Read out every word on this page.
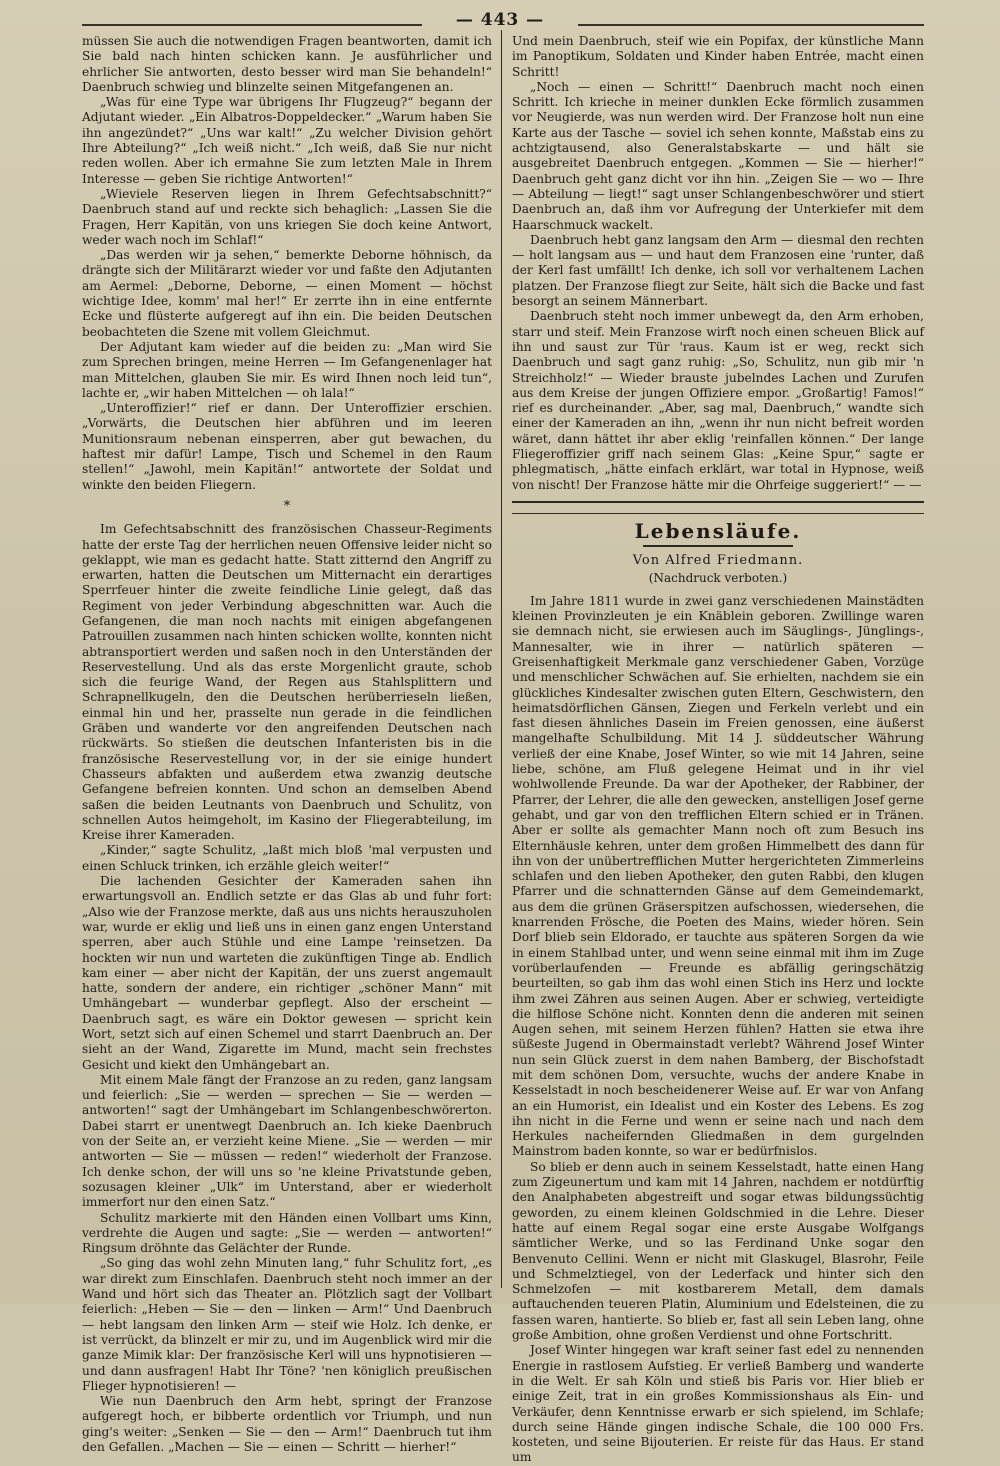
— 443 —

müssen Sie auch die notwendigen Fragen beantworten, damit ich Sie bald nach hinten schicken kann. Je ausführlicher und ehrlicher Sie antworten, desto besser wird man Sie behandeln!“ Daenbruch schwieg und blinzelte seinen Mitgefangenen an.

„Was für eine Type war übrigens Ihr Flugzeug?“ begann der Adjutant wieder. „Ein Albatros-Doppeldecker.“ „Warum haben Sie ihn angezündet?“ „Uns war kalt!“ „Zu welcher Division gehört Ihre Abteilung?“ „Ich weiß nicht.“ „Ich weiß, daß Sie nur nicht reden wollen. Aber ich ermahne Sie zum letzten Male in Ihrem Interesse — geben Sie richtige Antworten!“

„Wieviele Reserven liegen in Ihrem Gefechtsabschnitt?“ Daenbruch stand auf und reckte sich behaglich: „Lassen Sie die Fragen, Herr Kapitän, von uns kriegen Sie doch keine Antwort, weder wach noch im Schlaf!“

„Das werden wir ja sehen,“ bemerkte Deborne höhnisch, da drängte sich der Militärarzt wieder vor und faßte den Adjutanten am Aermel: „Deborne, Deborne, — einen Moment — höchst wichtige Idee, komm' mal her!“ Er zerrte ihn in eine entfernte Ecke und flüsterte aufgeregt auf ihn ein. Die beiden Deutschen beobachteten die Szene mit vollem Gleichmut.

Der Adjutant kam wieder auf die beiden zu: „Man wird Sie zum Sprechen bringen, meine Herren — Im Gefangenenlager hat man Mittelchen, glauben Sie mir. Es wird Ihnen noch leid tun“, lachte er, „wir haben Mittelchen — oh lala!“

„Unteroffizier!“ rief er dann. Der Unteroffizier erschien. „Vorwärts, die Deutschen hier abführen und im leeren Munitionsraum nebenan einsperren, aber gut bewachen, du haftest mir dafür! Lampe, Tisch und Schemel in den Raum stellen!“ „Jawohl, mein Kapitän!“ antwortete der Soldat und winkte den beiden Fliegern.

*

Im Gefechtsabschnitt des französischen Chasseur-Regiments hatte der erste Tag der herrlichen neuen Offensive leider nicht so geklappt, wie man es gedacht hatte. Statt zitternd den Angriff zu erwarten, hatten die Deutschen um Mitternacht ein derartiges Sperrfeuer hinter die zweite feindliche Linie gelegt, daß das Regiment von jeder Verbindung abgeschnitten war. Auch die Gefangenen, die man noch nachts mit einigen abgefangenen Patrouillen zusammen nach hinten schicken wollte, konnten nicht abtransportiert werden und saßen noch in den Unterständen der Reservestellung. Und als das erste Morgenlicht graute, schob sich die feurige Wand, der Regen aus Stahlsplittern und Schrapnellkugeln, den die Deutschen herüberrieseln ließen, einmal hin und her, prasselte nun gerade in die feindlichen Gräben und wanderte vor den angreifenden Deutschen nach rückwärts. So stießen die deutschen Infanteristen bis in die französische Reservestellung vor, in der sie einige hundert Chasseurs abfakten und außerdem etwa zwanzig deutsche Gefangene befreien konnten. Und schon an demselben Abend saßen die beiden Leutnants von Daenbruch und Schulitz, von schnellen Autos heimgeholt, im Kasino der Fliegerabteilung, im Kreise ihrer Kameraden.

„Kinder,“ sagte Schulitz, „laßt mich bloß 'mal verpusten und einen Schluck trinken, ich erzähle gleich weiter!“

Die lachenden Gesichter der Kameraden sahen ihn erwartungsvoll an. Endlich setzte er das Glas ab und fuhr fort: „Also wie der Franzose merkte, daß aus uns nichts herauszuholen war, wurde er eklig und ließ uns in einen ganz engen Unterstand sperren, aber auch Stühle und eine Lampe 'reinsetzen. Da hockten wir nun und warteten die zukünftigen Tinge ab. Endlich kam einer — aber nicht der Kapitän, der uns zuerst angemault hatte, sondern der andere, ein richtiger „schöner Mann“ mit Umhängebart — wunderbar gepflegt. Also der erscheint — Daenbruch sagt, es wäre ein Doktor gewesen — spricht kein Wort, setzt sich auf einen Schemel und starrt Daenbruch an. Der sieht an der Wand, Zigarette im Mund, macht sein frechstes Gesicht und kiekt den Umhängebart an.

Mit einem Male fängt der Franzose an zu reden, ganz langsam und feierlich: „Sie — werden — sprechen — Sie — werden — antworten!“ sagt der Umhängebart im Schlangenbeschwörerton. Dabei starrt er unentwegt Daenbruch an. Ich kieke Daenbruch von der Seite an, er verzieht keine Miene. „Sie — werden — mir antworten — Sie — müssen — reden!“ wiederholt der Franzose. Ich denke schon, der will uns so 'ne kleine Privatstunde geben, sozusagen kleiner „Ulk“ im Unterstand, aber er wiederholt immerfort nur den einen Satz.“

Schulitz markierte mit den Händen einen Vollbart ums Kinn, verdrehte die Augen und sagte: „Sie — werden — antworten!“ Ringsum dröhnte das Gelächter der Runde.

„So ging das wohl zehn Minuten lang,“ fuhr Schulitz fort, „es war direkt zum Einschlafen. Daenbruch steht noch immer an der Wand und hört sich das Theater an. Plötzlich sagt der Vollbart feierlich: „Heben — Sie — den — linken — Arm!“ Und Daenbruch — hebt langsam den linken Arm — steif wie Holz. Ich denke, er ist verrückt, da blinzelt er mir zu, und im Augenblick wird mir die ganze Mimik klar: Der französische Kerl will uns hypnotisieren — und dann ausfragen! Habt Ihr Töne? 'nen königlich preußischen Flieger hypnotisieren! —

Wie nun Daenbruch den Arm hebt, springt der Franzose aufgeregt hoch, er bibberte ordentlich vor Triumph, und nun ging's weiter: „Senken — Sie — den — Arm!“ Daenbruch tut ihm den Gefallen. „Machen — Sie — einen — Schritt — hierher!“

Und mein Daenbruch, steif wie ein Popifax, der künstliche Mann im Panoptikum, Soldaten und Kinder haben Entrée, macht einen Schritt!

„Noch — einen — Schritt!“ Daenbruch macht noch einen Schritt. Ich krieche in meiner dunklen Ecke förmlich zusammen vor Neugierde, was nun werden wird. Der Franzose holt nun eine Karte aus der Tasche — soviel ich sehen konnte, Maßstab eins zu achtzigtausend, also Generalstabskarte — und hält sie ausgebreitet Daenbruch entgegen. „Kommen — Sie — hierher!“ Daenbruch geht ganz dicht vor ihn hin. „Zeigen Sie — wo — Ihre — Abteilung — liegt!“ sagt unser Schlangenbeschwörer und stiert Daenbruch an, daß ihm vor Aufregung der Unterkiefer mit dem Haarschmuck wackelt.

Daenbruch hebt ganz langsam den Arm — diesmal den rechten — holt langsam aus — und haut dem Franzosen eine 'runter, daß der Kerl fast umfällt! Ich denke, ich soll vor verhaltenem Lachen platzen. Der Franzose fliegt zur Seite, hält sich die Backe und fast besorgt an seinem Männerbart.

Daenbruch steht noch immer unbewegt da, den Arm erhoben, starr und steif. Mein Franzose wirft noch einen scheuen Blick auf ihn und saust zur Tür 'raus. Kaum ist er weg, reckt sich Daenbruch und sagt ganz ruhig: „So, Schulitz, nun gib mir 'n Streichholz!“ — Wieder brauste jubelndes Lachen und Zurufen aus dem Kreise der jungen Offiziere empor. „Großartig! Famos!“ rief es durcheinander. „Aber, sag mal, Daenbruch,“ wandte sich einer der Kameraden an ihn, „wenn ihr nun nicht befreit worden wäret, dann hättet ihr aber eklig 'reinfallen können.“ Der lange Fliegeroffizier griff nach seinem Glas: „Keine Spur,“ sagte er phlegmatisch, „hätte einfach erklärt, war total in Hypnose, weiß von nischt! Der Franzose hätte mir die Ohrfeige suggeriert!“ — —

Lebensläufe.
Von Alfred Friedmann.
(Nachdruck verboten.)

Im Jahre 1811 wurde in zwei ganz verschiedenen Mainstädten kleinen Provinzleuten je ein Knäblein geboren. Zwillinge waren sie demnach nicht, sie erwiesen auch im Säuglings-, Jünglings-, Mannesalter, wie in ihrer — natürlich späteren — Greisenhaftigkeit Merkmale ganz verschiedener Gaben, Vorzüge und menschlicher Schwächen auf. Sie erhielten, nachdem sie ein glückliches Kindesalter zwischen guten Eltern, Geschwistern, den heimatsdörflichen Gänsen, Ziegen und Ferkeln verlebt und ein fast diesen ähnliches Dasein im Freien genossen, eine äußerst mangelhafte Schulbildung. Mit 14 J. süddeutscher Währung verließ der eine Knabe, Josef Winter, so wie mit 14 Jahren, seine liebe, schöne, am Fluß gelegene Heimat und in ihr viel wohlwollende Freunde. Da war der Apotheker, der Rabbiner, der Pfarrer, der Lehrer, die alle den gewecken, anstelligen Josef gerne gehabt, und gar von den trefflichen Eltern schied er in Tränen. Aber er sollte als gemachter Mann noch oft zum Besuch ins Elternhäusle kehren, unter dem großen Himmelbett des dann für ihn von der unübertrefflichen Mutter hergerichteten Zimmerleins schlafen und den lieben Apotheker, den guten Rabbi, den klugen Pfarrer und die schnatternden Gänse auf dem Gemeindemarkt, aus dem die grünen Gräserspitzen aufschossen, wiedersehen, die knarrenden Frösche, die Poeten des Mains, wieder hören. Sein Dorf blieb sein Eldorado, er tauchte aus späteren Sorgen da wie in einem Stahlbad unter, und wenn seine einmal mit ihm im Zuge vorüberlaufenden — Freunde es abfällig geringschätzig beurteilten, so gab ihm das wohl einen Stich ins Herz und lockte ihm zwei Zähren aus seinen Augen. Aber er schwieg, verteidigte die hilflose Schöne nicht. Konnten denn die anderen mit seinen Augen sehen, mit seinem Herzen fühlen? Hatten sie etwa ihre süßeste Jugend in Obermainstadt verlebt? Während Josef Winter nun sein Glück zuerst in dem nahen Bamberg, der Bischofstadt mit dem schönen Dom, versuchte, wuchs der andere Knabe in Kesselstadt in noch bescheidenerer Weise auf. Er war von Anfang an ein Humorist, ein Idealist und ein Koster des Lebens. Es zog ihn nicht in die Ferne und wenn er seine nach und nach dem Herkules nacheifernden Gliedmaßen in dem gurgelnden Mainstrom baden konnte, so war er bedürfnislos.

So blieb er denn auch in seinem Kesselstadt, hatte einen Hang zum Zigeunertum und kam mit 14 Jahren, nachdem er notdürftig den Analphabeten abgestreift und sogar etwas bildungssüchtig geworden, zu einem kleinen Goldschmied in die Lehre. Dieser hatte auf einem Regal sogar eine erste Ausgabe Wolfgangs sämtlicher Werke, und so las Ferdinand Unke sogar den Benvenuto Cellini. Wenn er nicht mit Glaskugel, Blasrohr, Feile und Schmelztiegel, von der Lederfack und hinter sich den Schmelzofen — mit kostbarerem Metall, dem damals auftauchenden teueren Platin, Aluminium und Edelsteinen, die zu fassen waren, hantierte. So blieb er, fast all sein Leben lang, ohne große Ambition, ohne großen Verdienst und ohne Fortschritt.

Josef Winter hingegen war kraft seiner fast edel zu nennenden Energie in rastlosem Aufstieg. Er verließ Bamberg und wanderte in die Welt. Er sah Köln und stieß bis Paris vor. Hier blieb er einige Zeit, trat in ein großes Kommissionshaus als Ein- und Verkäufer, denn Kenntnisse erwarb er sich spielend, im Schlafe; durch seine Hände gingen indische Schale, die 100 000 Frs. kosteten, und seine Bijouterien. Er reiste für das Haus. Er stand um
